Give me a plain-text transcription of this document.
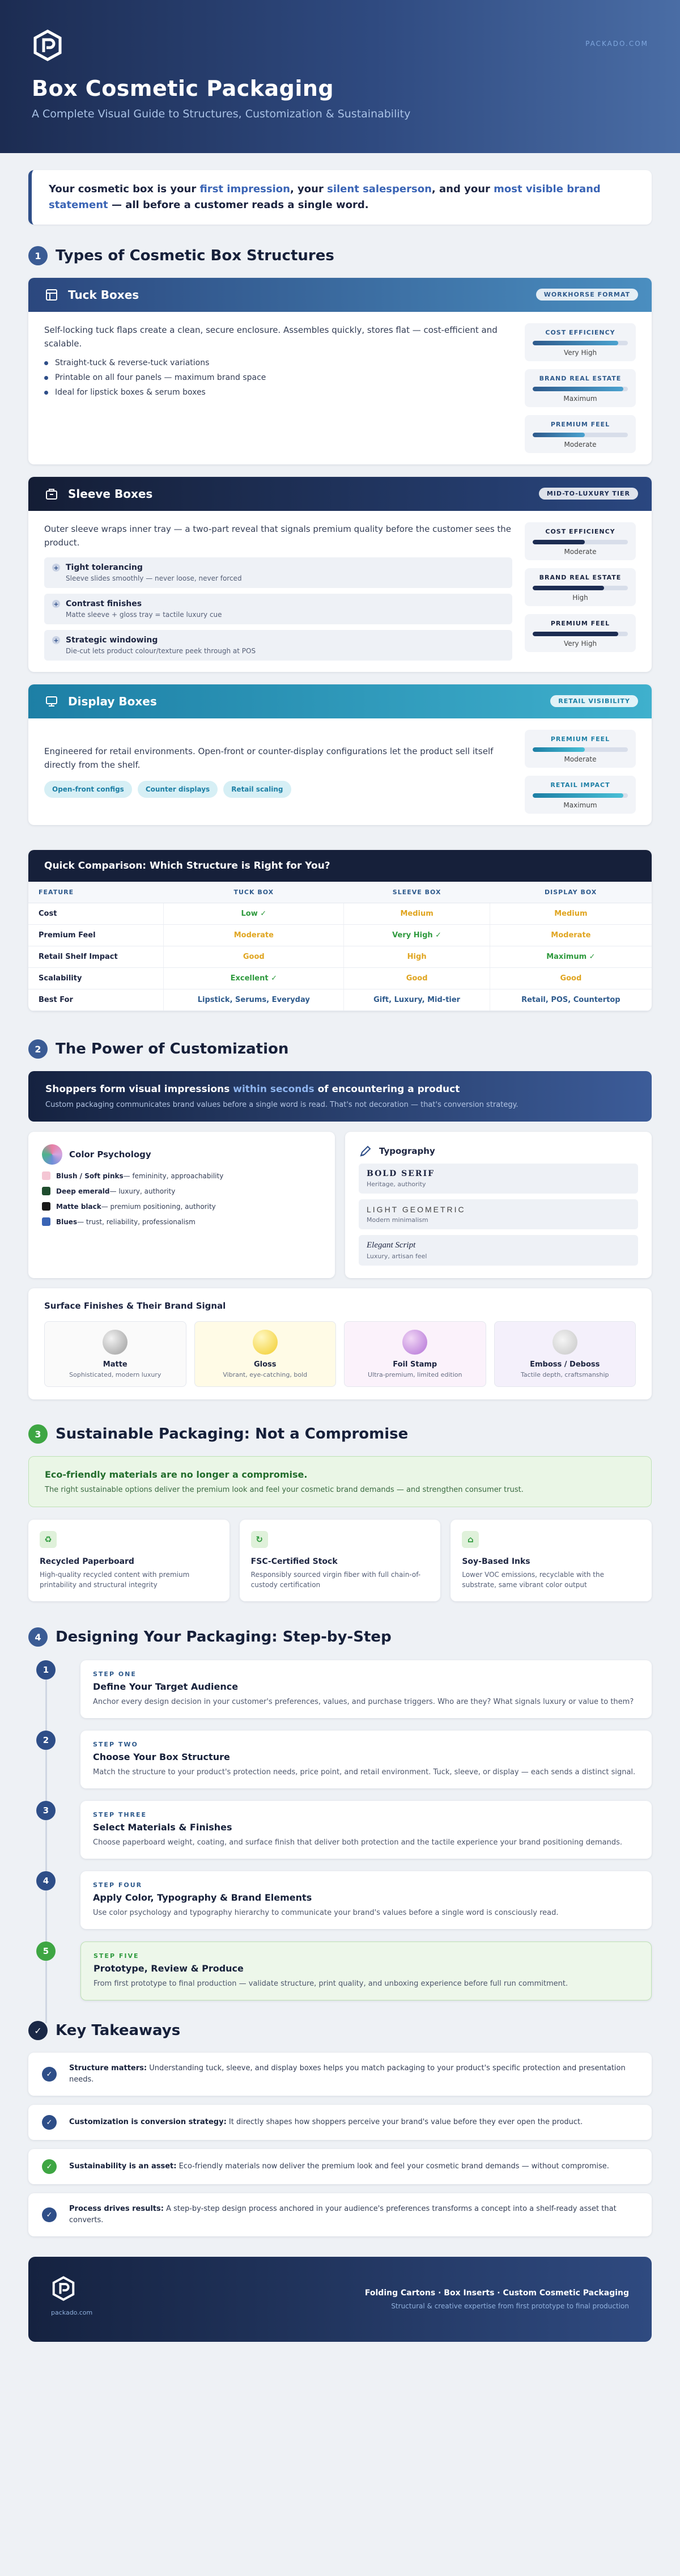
PACKADO.COM
Box Cosmetic Packaging
A Complete Visual Guide to Structures, Customization & Sustainability
Your cosmetic box is your first impression, your silent salesperson, and your most visible brand statement — all before a customer reads a single word.
1 Types of Cosmetic Box Structures
Tuck Boxes	WORKHORSE FORMAT
Self-locking tuck flaps create a clean, secure enclosure. Assembles quickly, stores flat — cost-efficient and scalable.
Straight-tuck & reverse-tuck variations
Printable on all four panels — maximum brand space
Ideal for lipstick boxes & serum boxes
COST EFFICIENCY
Very High
BRAND REAL ESTATE
Maximum
PREMIUM FEEL
Moderate
Sleeve Boxes	MID-TO-LUXURY TIER
Outer sleeve wraps inner tray — a two-part reveal that signals premium quality before the customer sees the product.
+ Tight tolerancing
Sleeve slides smoothly — never loose, never forced
+ Contrast finishes
Matte sleeve + gloss tray = tactile luxury cue
+ Strategic windowing
Die-cut lets product colour/texture peek through at POS
COST EFFICIENCY
Moderate
BRAND REAL ESTATE
High
PREMIUM FEEL
Very High
Display Boxes	RETAIL VISIBILITY
Engineered for retail environments. Open-front or counter-display configurations let the product sell itself directly from the shelf.
Open-front configs	Counter displays	Retail scaling
PREMIUM FEEL
Moderate
RETAIL IMPACT
Maximum
Quick Comparison: Which Structure is Right for You?
FEATURE	TUCK BOX	SLEEVE BOX	DISPLAY BOX
Cost	Low ✓	Medium	Medium
Premium Feel	Moderate	Very High ✓	Moderate
Retail Shelf Impact	Good	High	Maximum ✓
Scalability	Excellent ✓	Good	Good
Best For	Lipstick, Serums, Everyday	Gift, Luxury, Mid-tier	Retail, POS, Countertop
2 The Power of Customization
Shoppers form visual impressions within seconds of encountering a product
Custom packaging communicates brand values before a single word is read. That's not decoration — that's conversion strategy.
Color Psychology
Blush / Soft pinks — femininity, approachability
Deep emerald — luxury, authority
Matte black — premium positioning, authority
Blues — trust, reliability, professionalism
Typography
BOLD SERIF
Heritage, authority
LIGHT GEOMETRIC
Modern minimalism
Elegant Script
Luxury, artisan feel
Surface Finishes & Their Brand Signal
Matte
Sophisticated, modern luxury
Gloss
Vibrant, eye-catching, bold
Foil Stamp
Ultra-premium, limited edition
Emboss / Deboss
Tactile depth, craftsmanship
3 Sustainable Packaging: Not a Compromise
Eco-friendly materials are no longer a compromise.
The right sustainable options deliver the premium look and feel your cosmetic brand demands — and strengthen consumer trust.
♻
Recycled Paperboard
High-quality recycled content with premium printability and structural integrity
↻
FSC-Certified Stock
Responsibly sourced virgin fiber with full chain-of-custody certification
⌂
Soy-Based Inks
Lower VOC emissions, recyclable with the substrate, same vibrant color output
4 Designing Your Packaging: Step-by-Step
1	STEP ONE
Define Your Target Audience
Anchor every design decision in your customer's preferences, values, and purchase triggers. Who are they? What signals luxury or value to them?
2	STEP TWO
Choose Your Box Structure
Match the structure to your product's protection needs, price point, and retail environment. Tuck, sleeve, or display — each sends a distinct signal.
3	STEP THREE
Select Materials & Finishes
Choose paperboard weight, coating, and surface finish that deliver both protection and the tactile experience your brand positioning demands.
4	STEP FOUR
Apply Color, Typography & Brand Elements
Use color psychology and typography hierarchy to communicate your brand's values before a single word is consciously read.
5	STEP FIVE
Prototype, Review & Produce
From first prototype to final production — validate structure, print quality, and unboxing experience before full run commitment.
✓ Key Takeaways
✓
Structure matters: Understanding tuck, sleeve, and display boxes helps you match packaging to your product's specific protection and presentation needs.
✓	Customization is conversion strategy: It directly shapes how shoppers perceive your brand's value before they ever open the product.
✓	Sustainability is an asset: Eco-friendly materials now deliver the premium look and feel your cosmetic brand demands — without compromise.
✓
Process drives results: A step-by-step design process anchored in your audience's preferences transforms a concept into a shelf-ready asset that converts.
packado.com
Folding Cartons · Box Inserts · Custom Cosmetic Packaging
Structural & creative expertise from first prototype to final production
